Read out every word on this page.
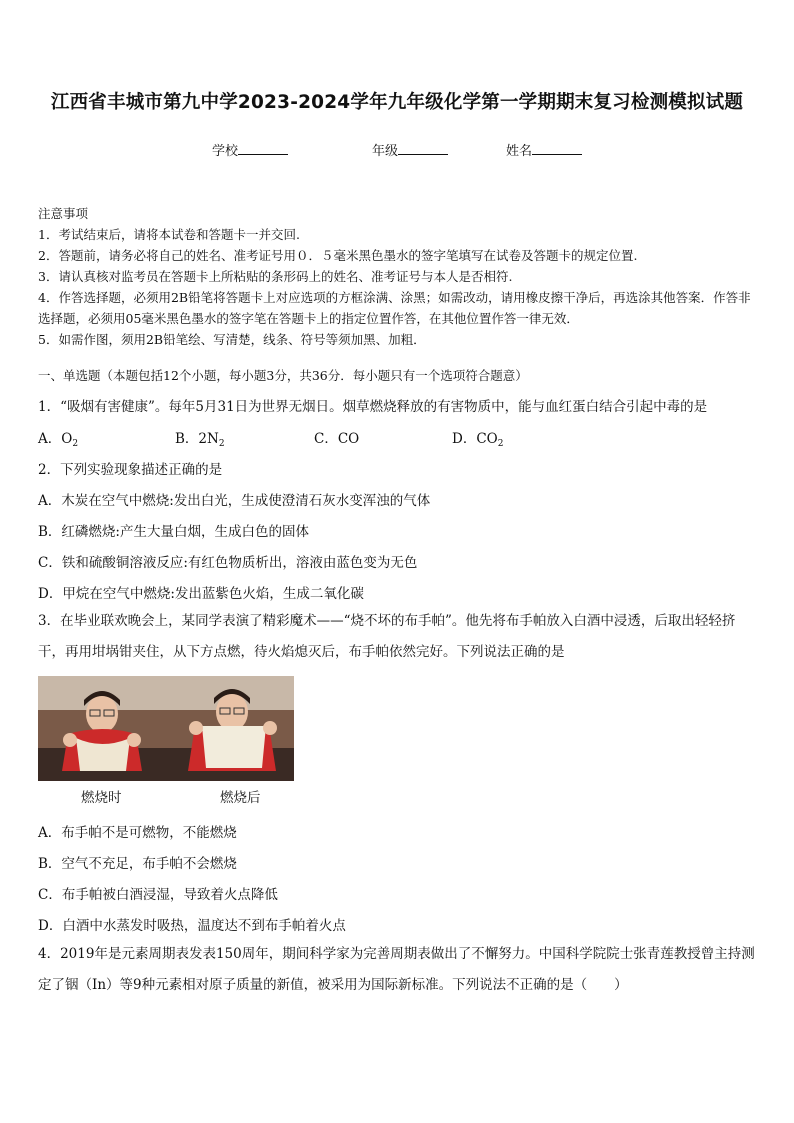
江西省丰城市第九中学2023-2024学年九年级化学第一学期期末复习检测模拟试题
学校	年级	姓名
注意事项
1．考试结束后，请将本试卷和答题卡一并交回.
2．答题前，请务必将自己的姓名、准考证号用０．５毫米黑色墨水的签字笔填写在试卷及答题卡的规定位置.
3．请认真核对监考员在答题卡上所粘贴的条形码上的姓名、准考证号与本人是否相符.
4．作答选择题，必须用2B铅笔将答题卡上对应选项的方框涂满、涂黑；如需改动，请用橡皮擦干净后，再选涂其他答案．作答非选择题，必须用05毫米黑色墨水的签字笔在答题卡上的指定位置作答，在其他位置作答一律无效．
5．如需作图，须用2B铅笔绘、写清楚，线条、符号等须加黑、加粗．
一、单选题（本题包括12个小题，每小题3分，共36分．每小题只有一个选项符合题意）
1．“吸烟有害健康”。每年5月31日为世界无烟日。烟草燃烧释放的有害物质中，能与血红蛋白结合引起中毒的是
A．$O_2$	B．$2N_2$	C．CO	D．$CO_2$
2．下列实验现象描述正确的是
A．木炭在空气中燃烧:发出白光，生成使澄清石灰水变浑浊的气体
B．红磷燃烧:产生大量白烟，生成白色的固体
C．铁和硫酸铜溶液反应:有红色物质析出，溶液由蓝色变为无色
D．甲烷在空气中燃烧:发出蓝紫色火焰，生成二氧化碳
3．在毕业联欢晚会上，某同学表演了精彩魔术——“烧不坏的布手帕”。他先将布手帕放入白酒中浸透，后取出轻轻挤干，再用坩埚钳夹住，从下方点燃，待火焰熄灭后，布手帕依然完好。下列说法正确的是
燃烧时	燃烧后
A．布手帕不是可燃物，不能燃烧
B．空气不充足，布手帕不会燃烧
C．布手帕被白酒浸湿，导致着火点降低
D．白酒中水蒸发时吸热，温度达不到布手帕着火点
4．2019年是元素周期表发表150周年，期间科学家为完善周期表做出了不懈努力。中国科学院院士张青莲教授曾主持测定了铟（In）等9种元素相对原子质量的新值，被采用为国际新标准。下列说法不正确的是（　　）
